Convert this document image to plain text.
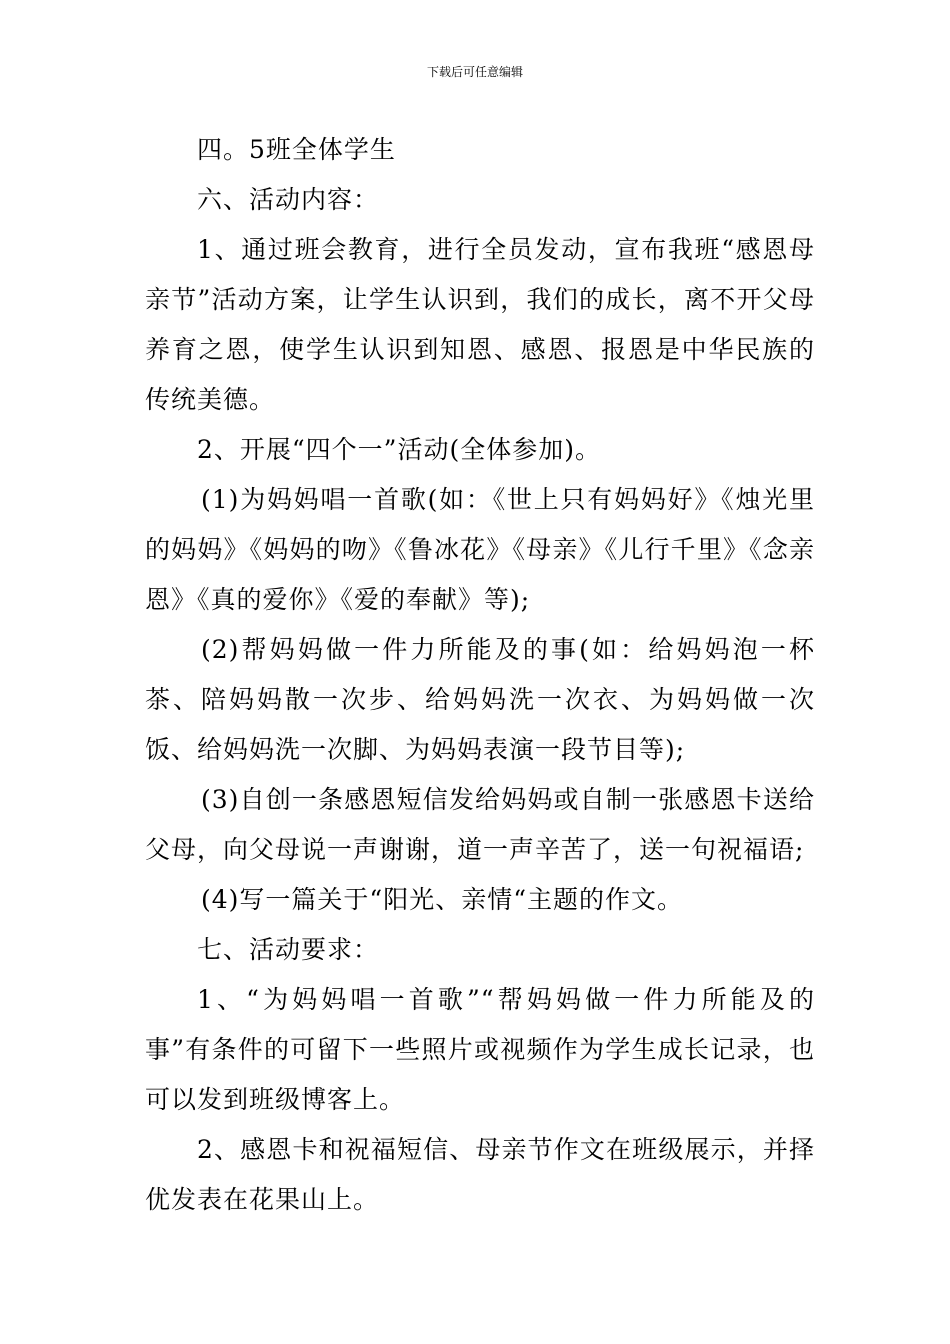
下载后可任意编辑

四。5班全体学生

六、活动内容：

1、通过班会教育，进行全员发动，宣布我班“感恩母亲节”活动方案，让学生认识到，我们的成长，离不开父母养育之恩，使学生认识到知恩、感恩、报恩是中华民族的传统美德。

2、开展“四个一”活动(全体参加)。

(1)为妈妈唱一首歌(如：《世上只有妈妈好》《烛光里的妈妈》《妈妈的吻》《鲁冰花》《母亲》《儿行千里》《念亲恩》《真的爱你》《爱的奉献》等);

(2)帮妈妈做一件力所能及的事(如：给妈妈泡一杯茶、陪妈妈散一次步、给妈妈洗一次衣、为妈妈做一次饭、给妈妈洗一次脚、为妈妈表演一段节目等);

(3)自创一条感恩短信发给妈妈或自制一张感恩卡送给父母，向父母说一声谢谢，道一声辛苦了，送一句祝福语;

(4)写一篇关于“阳光、亲情“主题的作文。

七、活动要求：

1、“为妈妈唱一首歌”“帮妈妈做一件力所能及的事”有条件的可留下一些照片或视频作为学生成长记录，也可以发到班级博客上。

2、感恩卡和祝福短信、母亲节作文在班级展示，并择优发表在花果山上。
